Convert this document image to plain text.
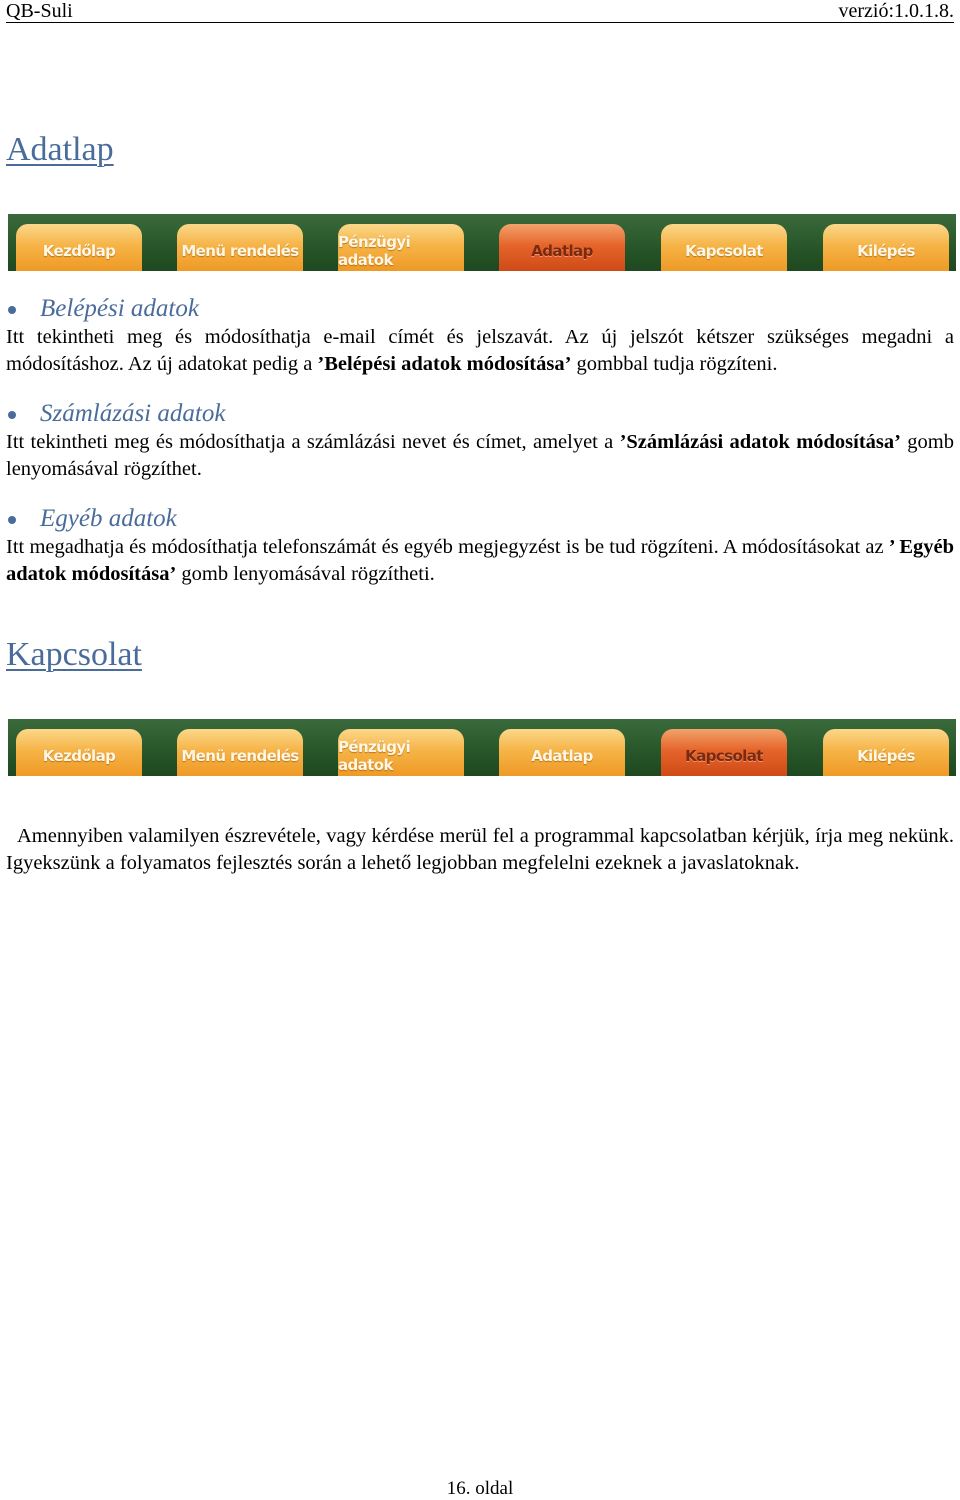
QB-Suli	verzió:1.0.1.8.
Adatlap
Kezdőlap	Menü rendelés	Pénzügyi adatok	Adatlap	Kapcsolat	Kilépés
Belépési adatok

Itt tekintheti meg és módosíthatja e-mail címét és jelszavát. Az új jelszót kétszer szükséges megadni a módosításhoz. Az új adatokat pedig a ’Belépési adatok módosítása’ gombbal tudja rögzíteni.

Számlázási adatok

Itt tekintheti meg és módosíthatja a számlázási nevet és címet, amelyet a ’Számlázási adatok módosítása’ gomb lenyomásával rögzíthet.

Egyéb adatok

Itt megadhatja és módosíthatja telefonszámát és egyéb megjegyzést is be tud rögzíteni. A módosításokat az ’ Egyéb adatok módosítása’ gomb lenyomásával rögzítheti.

Kapcsolat
Kezdőlap	Menü rendelés	Pénzügyi adatok	Adatlap	Kapcsolat	Kilépés

Amennyiben valamilyen észrevétele, vagy kérdése merül fel a programmal kapcsolatban kérjük, írja meg nekünk. Igyekszünk a folyamatos fejlesztés során a lehető legjobban megfelelni ezeknek a javaslatoknak.

16. oldal
